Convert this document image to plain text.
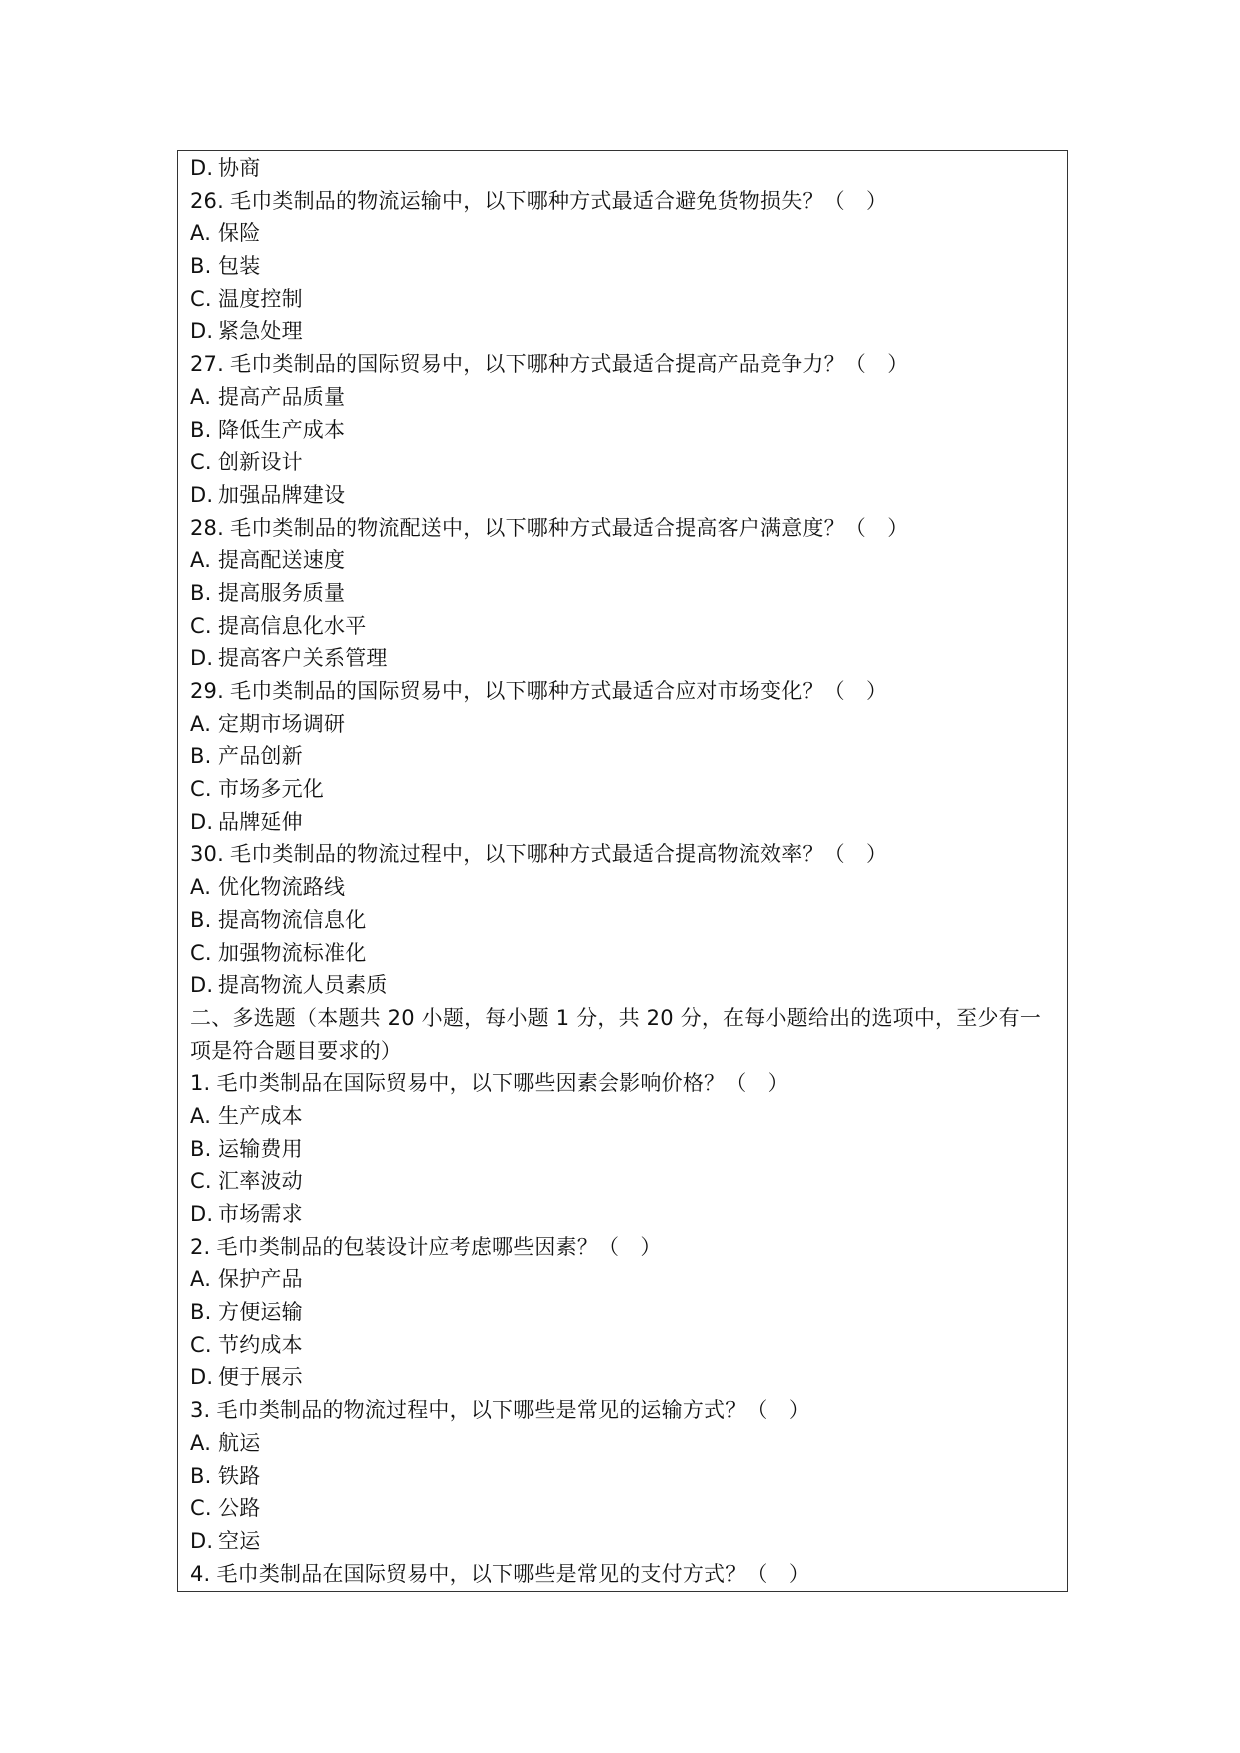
D. 协商
26. 毛巾类制品的物流运输中，以下哪种方式最适合避免货物损失？（　）
A. 保险
B. 包装
C. 温度控制
D. 紧急处理
27. 毛巾类制品的国际贸易中，以下哪种方式最适合提高产品竞争力？（　）
A. 提高产品质量
B. 降低生产成本
C. 创新设计
D. 加强品牌建设
28. 毛巾类制品的物流配送中，以下哪种方式最适合提高客户满意度？（　）
A. 提高配送速度
B. 提高服务质量
C. 提高信息化水平
D. 提高客户关系管理
29. 毛巾类制品的国际贸易中，以下哪种方式最适合应对市场变化？（　）
A. 定期市场调研
B. 产品创新
C. 市场多元化
D. 品牌延伸
30. 毛巾类制品的物流过程中，以下哪种方式最适合提高物流效率？（　）
A. 优化物流路线
B. 提高物流信息化
C. 加强物流标准化
D. 提高物流人员素质
二、多选题（本题共 20 小题，每小题 1 分，共 20 分，在每小题给出的选项中，至少有一
项是符合题目要求的）
1. 毛巾类制品在国际贸易中，以下哪些因素会影响价格？（　）
A. 生产成本
B. 运输费用
C. 汇率波动
D. 市场需求
2. 毛巾类制品的包装设计应考虑哪些因素？（　）
A. 保护产品
B. 方便运输
C. 节约成本
D. 便于展示
3. 毛巾类制品的物流过程中，以下哪些是常见的运输方式？（　）
A. 航运
B. 铁路
C. 公路
D. 空运
4. 毛巾类制品在国际贸易中，以下哪些是常见的支付方式？（　）
